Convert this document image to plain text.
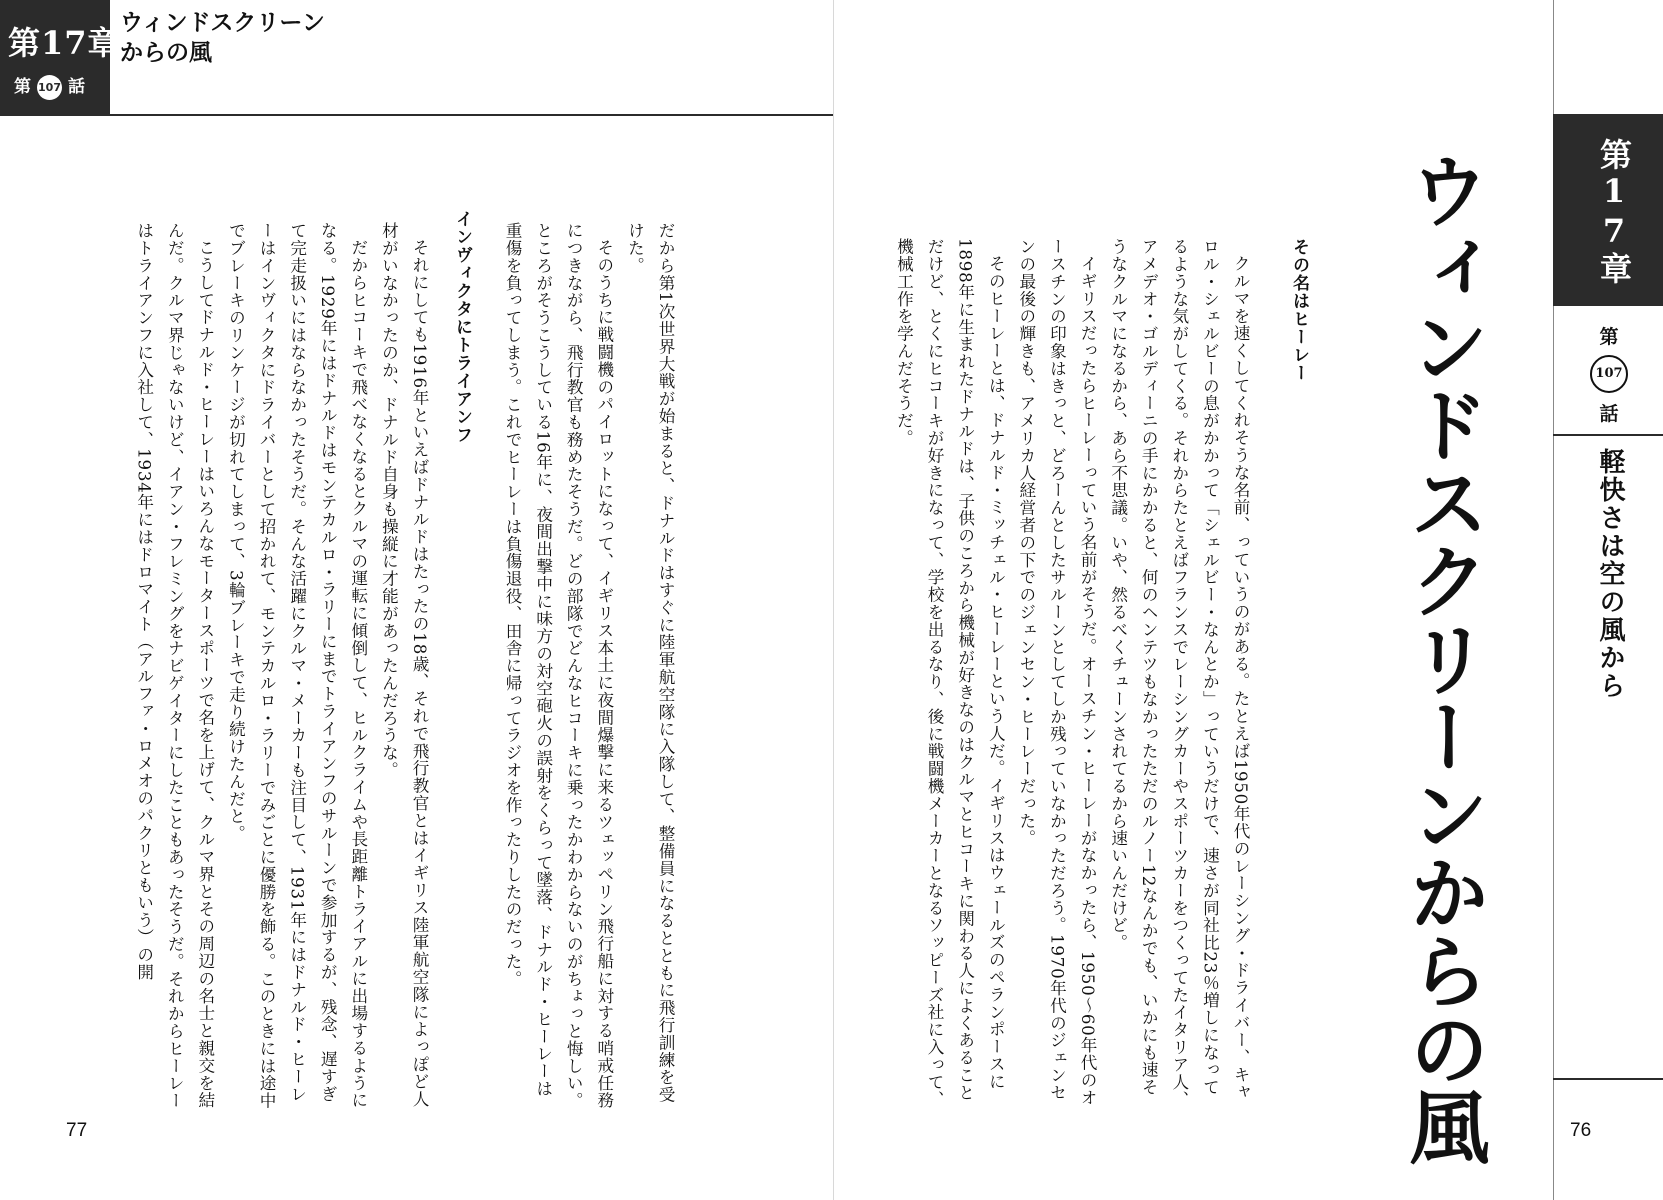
第17章
第 107 話
ウィンドスクリーン
からの風

だから第1次世界大戦が始まると、ドナルドはすぐに陸軍航空隊に入隊して、整備員になるとともに飛行訓練を受けた。

そのうちに戦闘機のパイロットになって、イギリス本土に夜間爆撃に来るツェッペリン飛行船に対する哨戒任務につきながら、飛行教官も務めたそうだ。どの部隊でどんなヒコーキに乗ったかわからないのがちょっと悔しい。ところがそうこうしている16年に、夜間出撃中に味方の対空砲火の誤射をくらって墜落、ドナルド・ヒーレーは重傷を負ってしまう。これでヒーレーは負傷退役、田舎に帰ってラジオを作ったりしたのだった。

インヴィクタにトライアンフ

それにしても1916年といえばドナルドはたったの18歳、それで飛行教官とはイギリス陸軍航空隊によっぽど人材がいなかったのか、ドナルド自身も操縦に才能があったんだろうな。

だからヒコーキで飛べなくなるとクルマの運転に傾倒して、ヒルクライムや長距離トライアルに出場するようになる。1929年にはドナルドはモンテカルロ・ラリーにまでトライアンフのサルーンで参加するが、残念、遅すぎて完走扱いにはならなかったそうだ。そんな活躍にクルマ・メーカーも注目して、1931年にはドナルド・ヒーレーはインヴィクタにドライバーとして招かれて、モンテカルロ・ラリーでみごとに優勝を飾る。このときには途中でブレーキのリンケージが切れてしまって、3輪ブレーキで走り続けたんだと。

こうしてドナルド・ヒーレーはいろんなモータースポーツで名を上げて、クルマ界とその周辺の名士と親交を結んだ。クルマ界じゃないけど、イアン・フレミングをナビゲイターにしたこともあったそうだ。それからヒーレーはトライアンフに入社して、1934年にはドロマイト（アルファ・ロメオのパクリともいう）の開

77
第17章
第
107
話
軽快さは空の風から
ウィンドスクリーンからの風
その名はヒーレー

クルマを速くしてくれそうな名前、っていうのがある。たとえば1950年代のレーシング・ドライバー、キャロル・シェルビーの息がかかって「シェルビー・なんとか」っていうだけで、速さが同社比23％増しになってるような気がしてくる。それからたとえばフランスでレーシングカーやスポーツカーをつくってたイタリア人、アメデオ・ゴルディーニの手にかかると、何のヘンテツもなかったただのルノー12なんかでも、いかにも速そうなクルマになるから、あら不思議。いや、然るべくチューンされてるから速いんだけど。

イギリスだったらヒーレーっていう名前がそうだ。オースチン・ヒーレーがなかったら、1950〜60年代のオースチンの印象はきっと、どろーんとしたサルーンとしてしか残っていなかっただろう。1970年代のジェンセンの最後の輝きも、アメリカ人経営者の下でのジェンセン・ヒーレーだった。

そのヒーレーとは、ドナルド・ミッチェル・ヒーレーという人だ。イギリスはウェールズのペランポースに1898年に生まれたドナルドは、子供のころから機械が好きなのはクルマとヒコーキに関わる人によくあることだけど、とくにヒコーキが好きになって、学校を出るなり、後に戦闘機メーカーとなるソッピーズ社に入って、機械工作を学んだそうだ。

76
